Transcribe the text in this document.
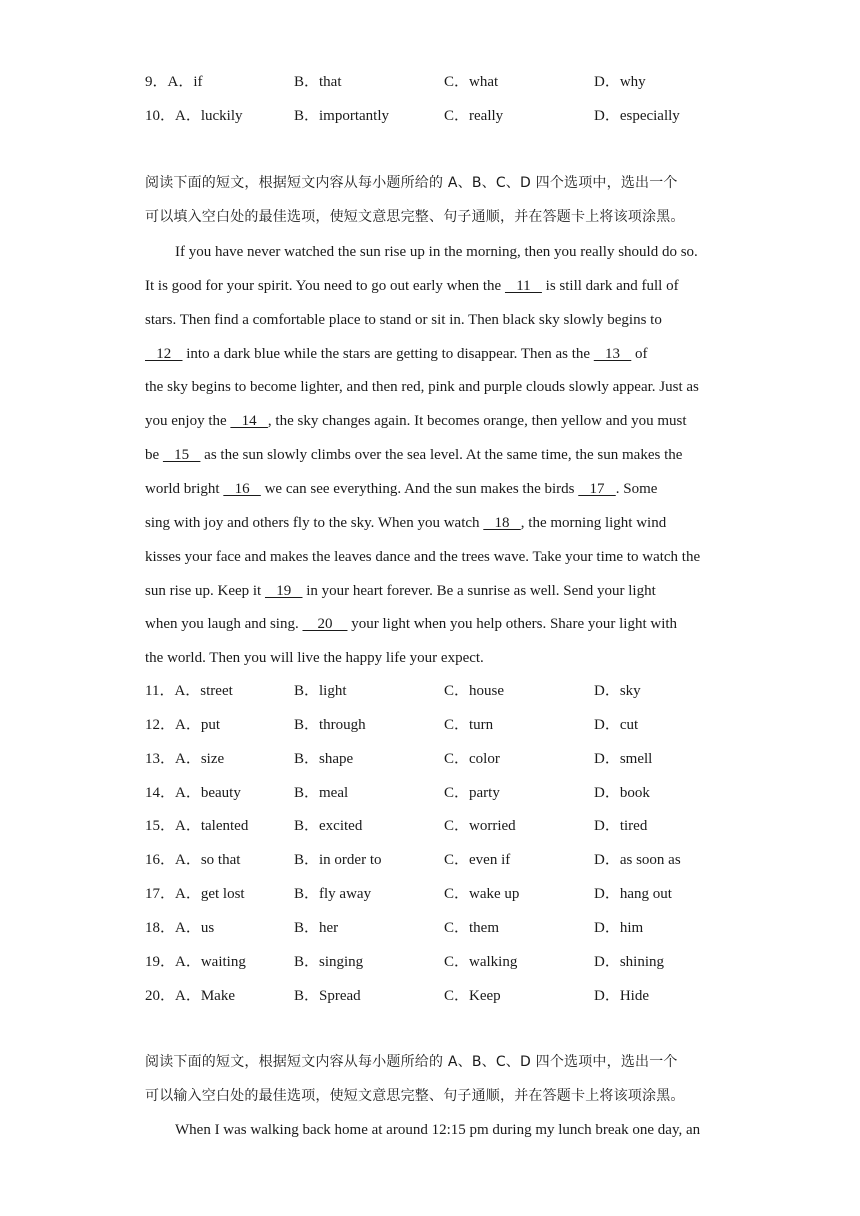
9．A．if	B．that	C．what	D．why
10．A．luckily	B．importantly	C．really	D．especially
阅读下面的短文，根据短文内容从每小题所给的 A、B、C、D 四个选项中，选出一个
可以填入空白处的最佳选项，使短文意思完整、句子通顺，并在答题卡上将该项涂黑。
If you have never watched the sun rise up in the morning, then you really should do so.
It is good for your spirit. You need to go out early when the    11    is still dark and full of
stars. Then find a comfortable place to stand or sit in. Then black sky slowly begins to
12    into a dark blue while the stars are getting to disappear. Then as the    13    of
the sky begins to become lighter, and then red, pink and purple clouds slowly appear. Just as
you enjoy the    14   , the sky changes again. It becomes orange, then yellow and you must
be    15    as the sun slowly climbs over the sea level. At the same time, the sun makes the
world bright    16    we can see everything. And the sun makes the birds    17   . Some
sing with joy and others fly to the sky. When you watch    18   , the morning light wind
kisses your face and makes the leaves dance and the trees wave. Take your time to watch the
sun rise up. Keep it    19    in your heart forever. Be a sunrise as well. Send your light
when you laugh and sing.     20     your light when you help others. Share your light with
the world. Then you will live the happy life your expect.
11．A．street	B．light	C．house	D．sky
12．A．put	B．through	C．turn	D．cut
13．A．size	B．shape	C．color	D．smell
14．A．beauty	B．meal	C．party	D．book
15．A．talented	B．excited	C．worried	D．tired
16．A．so that	B．in order to	C．even if	D．as soon as
17．A．get lost	B．fly away	C．wake up	D．hang out
18．A．us	B．her	C．them	D．him
19．A．waiting	B．singing	C．walking	D．shining
20．A．Make	B．Spread	C．Keep	D．Hide
阅读下面的短文，根据短文内容从每小题所给的 A、B、C、D 四个选项中，选出一个
可以输入空白处的最佳选项，使短文意思完整、句子通顺，并在答题卡上将该项涂黑。
When I was walking back home at around 12:15 pm during my lunch break one day, an
